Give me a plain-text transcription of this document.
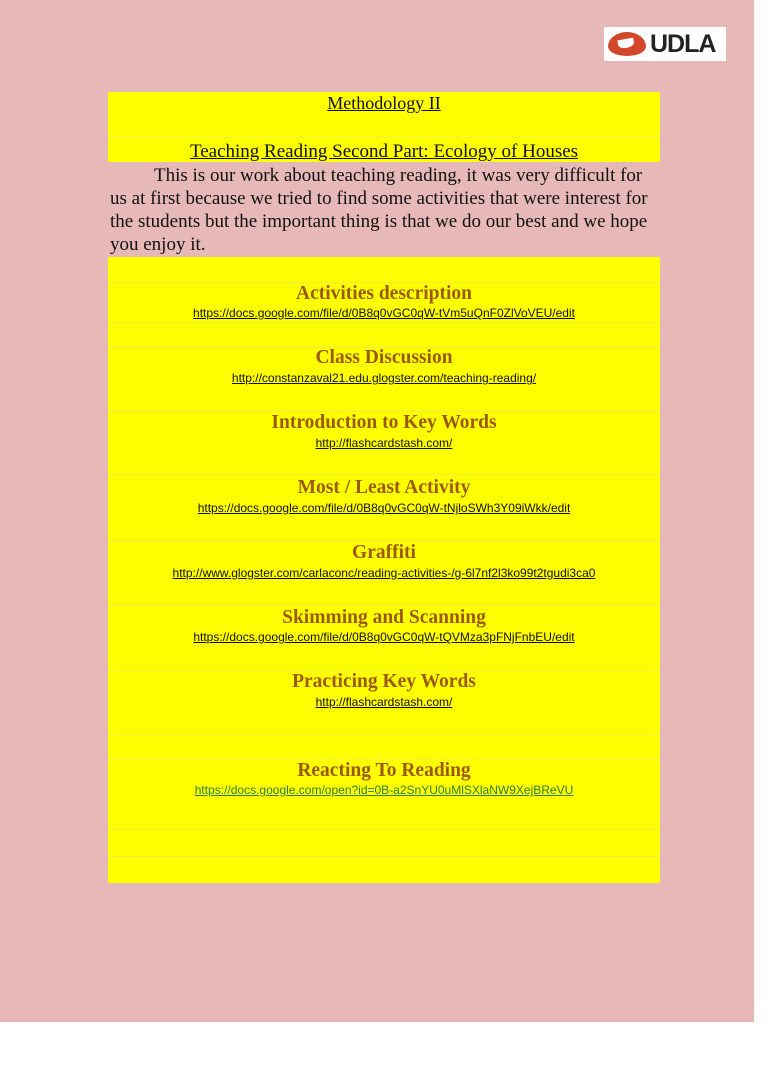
UDLA
Methodology II
Teaching Reading Second Part: Ecology of Houses
This is our work about teaching reading, it was very difficult for us at first because we tried to find some activities that were interest for the students but the important thing is that we do our best and we hope you enjoy it.
Activities description
https://docs.google.com/file/d/0B8q0vGC0qW-tVm5uQnF0ZlVoVEU/edit
Class Discussion
http://constanzaval21.edu.glogster.com/teaching-reading/
Introduction to Key Words
http://flashcardstash.com/
Most / Least Activity
https://docs.google.com/file/d/0B8q0vGC0qW-tNjloSWh3Y09iWkk/edit
Graffiti
http://www.glogster.com/carlaconc/reading-activities-/g-6l7nf2l3ko99t2tgudi3ca0
Skimming and Scanning
https://docs.google.com/file/d/0B8q0vGC0qW-tQVMza3pFNjFnbEU/edit
Practicing Key Words
http://flashcardstash.com/
Reacting To Reading
https://docs.google.com/open?id=0B-a2SnYU0uMlSXlaNW9XejBReVU
